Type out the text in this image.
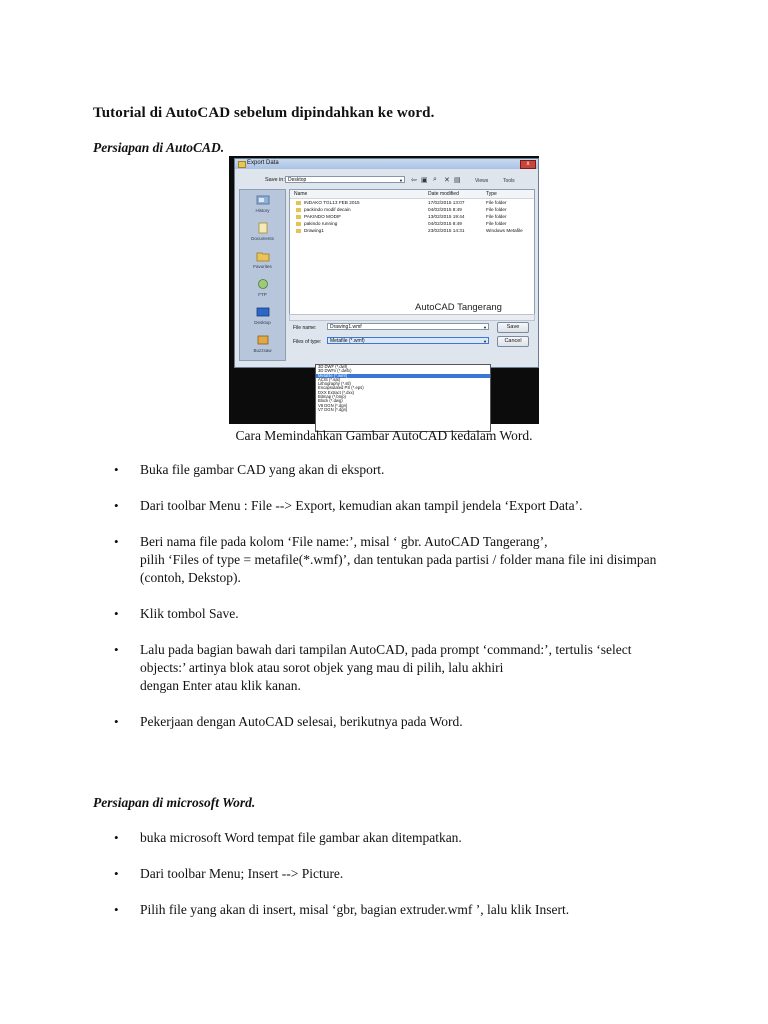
Tutorial di AutoCAD sebelum dipindahkan ke word.
Persiapan di AutoCAD.
Export Data	x
Save in: Desktop	▼ ⇦ ▣ ⌕ ✕ ▤	Views	Tools
History
Documents
Favorites
FTP
Desktop
Buzzsaw
Name	Date modified	Type
INDAKO TGL13 FEB 2015	17/02/2015 13:07	File folder
packindo modif decain	04/02/2015 8:49	File folder
PAKINDO MODIF	13/02/2015 19:44	File folder
pakindo running	04/02/2015 8:49	File folder
Drawing1	23/02/2015 14:31	Windows Metafile
AutoCAD Tangerang
File name:	Drawing1.wmf	▼
Files of type:	Metafile (*.wmf)	▼
Save
Cancel
3D DWF (*.dwf)
3D DWFx (*.dwfx)
Metafile (*.wmf)
ACIS (*.sat)
Lithography (*.stl)
Encapsulated PS (*.eps)
DXX Extract (*.dxx)
Bitmap (*.bmp)
Block (*.dwg)
V8 DGN (*.dgn)
V7 DGN (*.dgn)
Cara Memindahkan Gambar AutoCAD kedalam Word.
• Buka file gambar CAD yang akan di eksport.
• Dari toolbar Menu : File --> Export, kemudian akan tampil jendela ‘Export Data’.
• Beri nama file pada kolom ‘File name:’, misal ‘ gbr. AutoCAD Tangerang’,
pilih ‘Files of type = metafile(*.wmf)’, dan tentukan pada partisi / folder mana file ini disimpan (contoh, Dekstop).
• Klik tombol Save.
• Lalu pada bagian bawah dari tampilan AutoCAD, pada prompt ‘command:’, tertulis ‘select objects:’ artinya blok atau sorot objek yang mau di pilih, lalu akhiri
dengan Enter atau klik kanan.
• Pekerjaan dengan AutoCAD selesai, berikutnya pada Word.
Persiapan di microsoft Word.
• buka microsoft Word tempat file gambar akan ditempatkan.
• Dari toolbar Menu; Insert --> Picture.
• Pilih file yang akan di insert, misal ‘gbr, bagian extruder.wmf ’, lalu klik Insert.
